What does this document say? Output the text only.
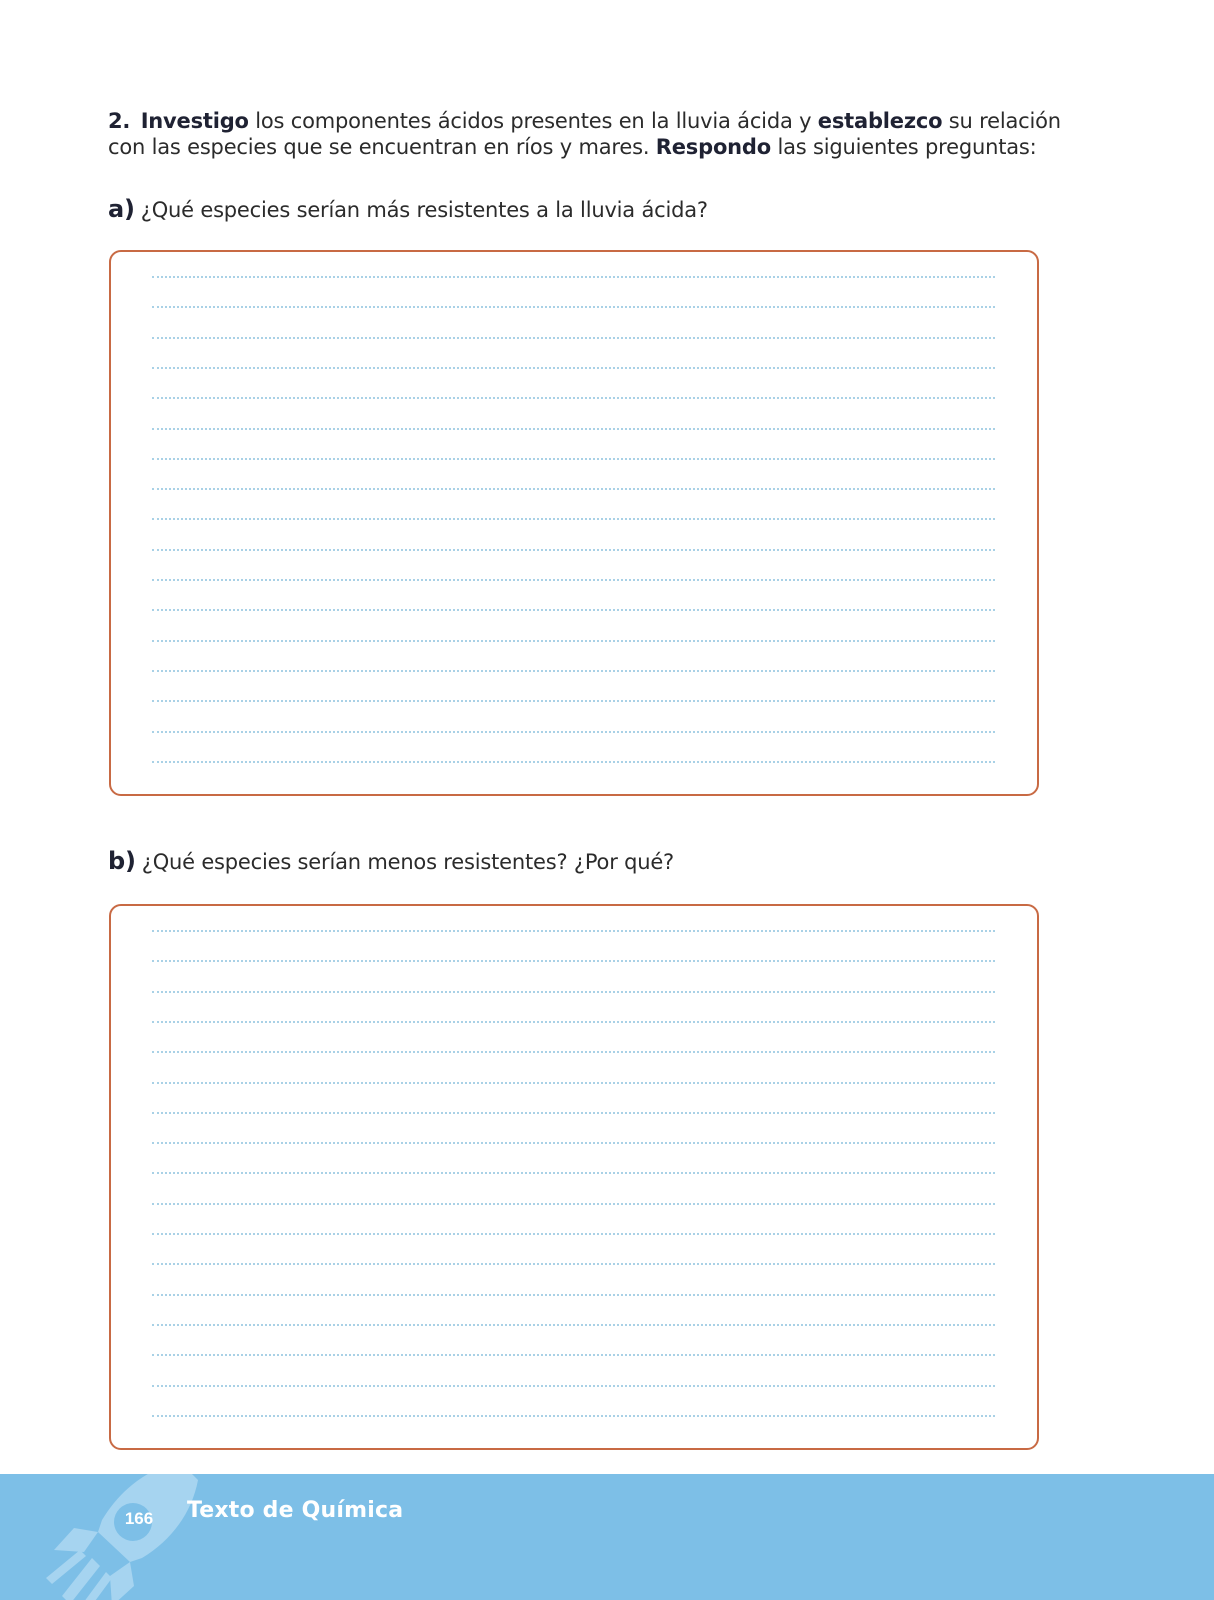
2. Investigo los componentes ácidos presentes en la lluvia ácida y establezco su relación con las especies que se encuentran en ríos y mares. Respondo las siguientes preguntas:
a) ¿Qué especies serían más resistentes a la lluvia ácida?
b) ¿Qué especies serían menos resistentes? ¿Por qué?
166 Texto de Química
